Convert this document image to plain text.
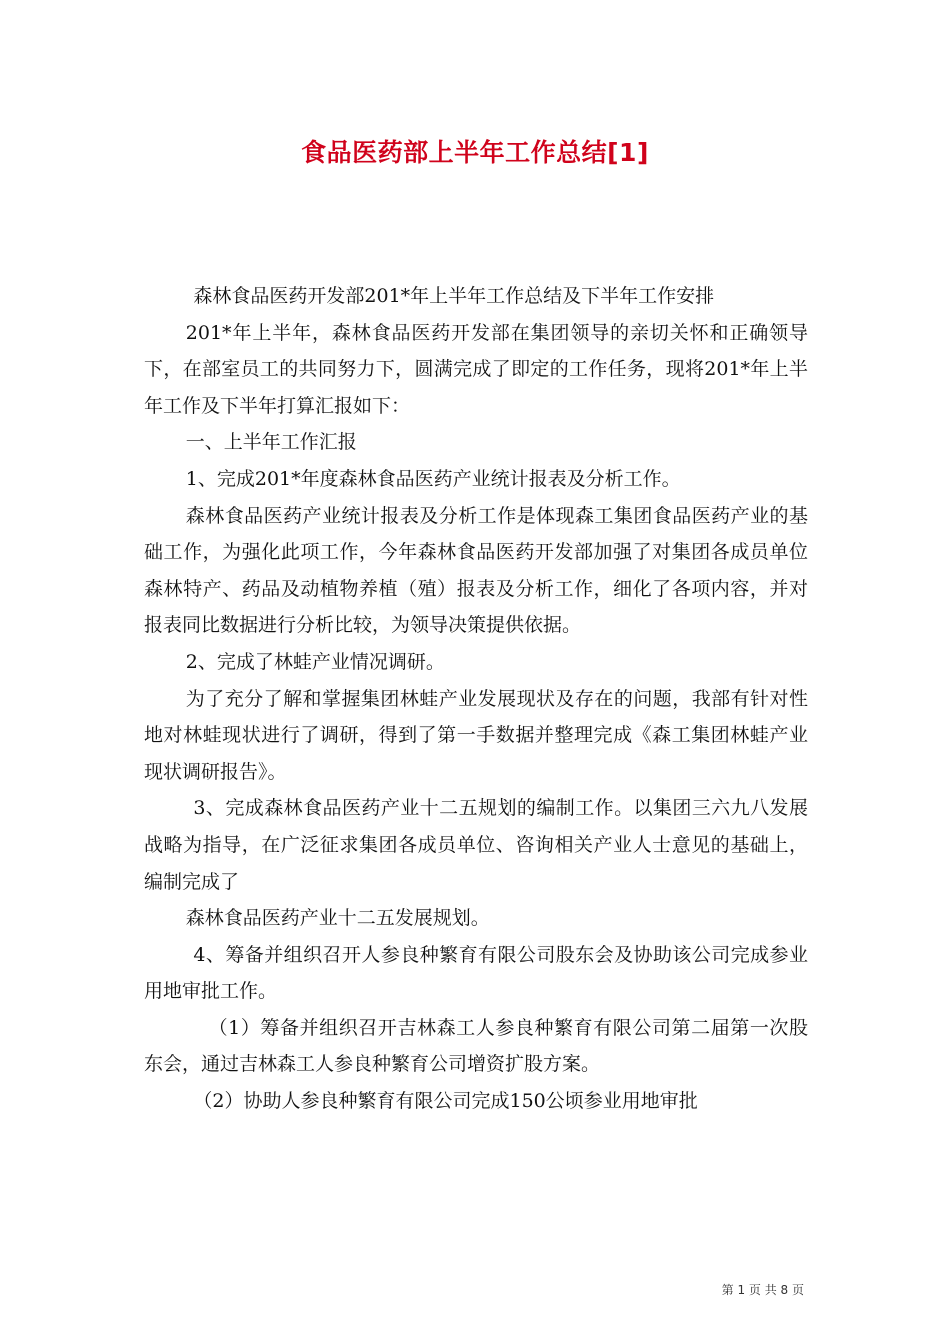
食品医药部上半年工作总结[1]

森林食品医药开发部201*年上半年工作总结及下半年工作安排

201*年上半年，森林食品医药开发部在集团领导的亲切关怀和正确领导下，在部室员工的共同努力下，圆满完成了即定的工作任务，现将201*年上半年工作及下半年打算汇报如下：

一、上半年工作汇报

1、完成201*年度森林食品医药产业统计报表及分析工作。

森林食品医药产业统计报表及分析工作是体现森工集团食品医药产业的基础工作，为强化此项工作，今年森林食品医药开发部加强了对集团各成员单位森林特产、药品及动植物养植（殖）报表及分析工作，细化了各项内容，并对报表同比数据进行分析比较，为领导决策提供依据。

2、完成了林蛙产业情况调研。

为了充分了解和掌握集团林蛙产业发展现状及存在的问题，我部有针对性地对林蛙现状进行了调研，得到了第一手数据并整理完成《森工集团林蛙产业现状调研报告》。

3、完成森林食品医药产业十二五规划的编制工作。以集团三六九八发展战略为指导，在广泛征求集团各成员单位、咨询相关产业人士意见的基础上，编制完成了

森林食品医药产业十二五发展规划。

4、筹备并组织召开人参良种繁育有限公司股东会及协助该公司完成参业用地审批工作。

（1）筹备并组织召开吉林森工人参良种繁育有限公司第二届第一次股东会，通过吉林森工人参良种繁育公司增资扩股方案。

（2）协助人参良种繁育有限公司完成150公顷参业用地审批

第 1 页 共 8 页
